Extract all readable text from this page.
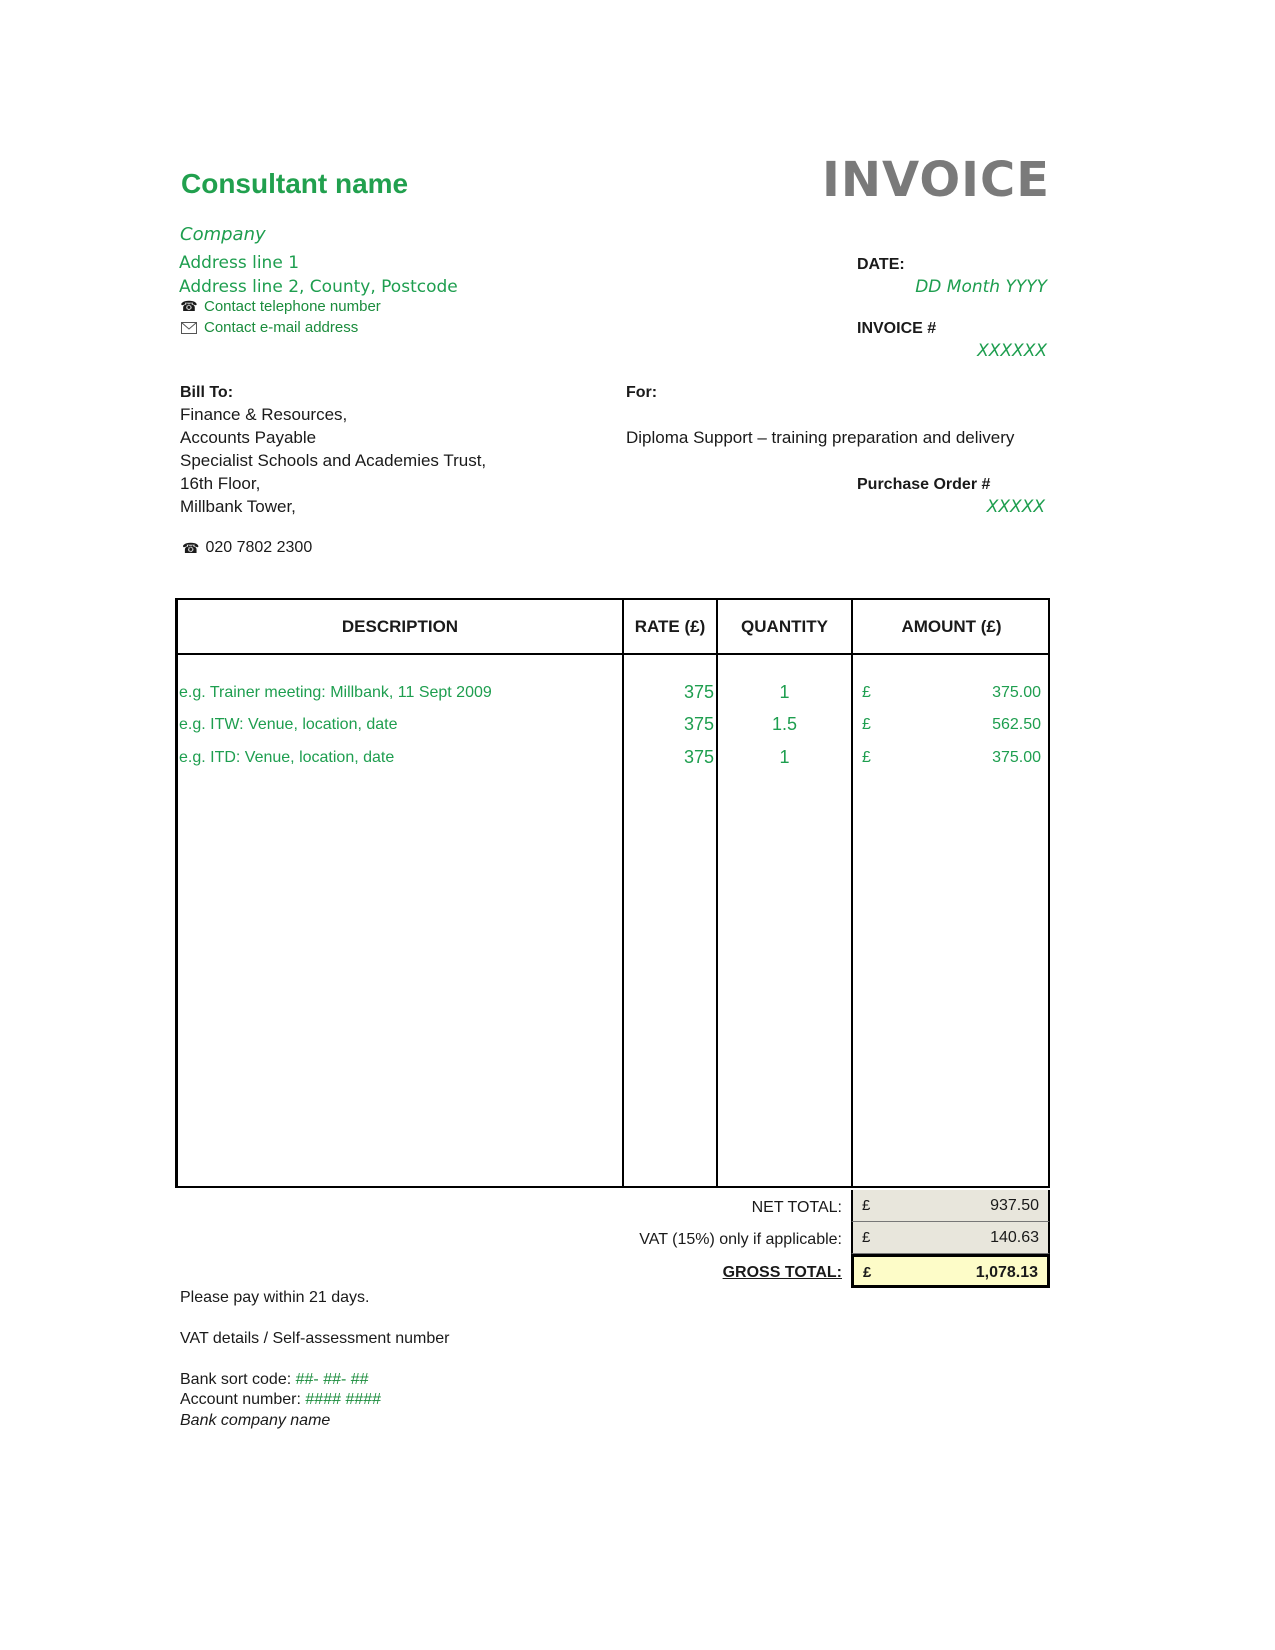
Consultant name	INVOICE
Company
Address line 1
Address line 2, County, Postcode
☎ Contact telephone number
Contact e-mail address
DATE:
DD Month YYYY
INVOICE #
XXXXXX
Bill To:
Finance & Resources,
Accounts Payable
Specialist Schools and Academies Trust,
16th Floor,
Millbank Tower,
☎ 020 7802 2300
For:
Diploma Support – training preparation and delivery
Purchase Order #
XXXXX
DESCRIPTION	RATE (£)	QUANTITY	AMOUNT (£)
e.g. Trainer meeting: Millbank, 11 Sept 2009	375	1	£	375.00
e.g. ITW: Venue, location, date	375	1.5	£	562.50
e.g. ITD: Venue, location, date	375	1	£	375.00
NET TOTAL: £	937.50
VAT (15%) only if applicable: £	140.63
GROSS TOTAL: £	1,078.13
Please pay within 21 days.
VAT details / Self-assessment number
Bank sort code: ##- ##- ##
Account number: #### ####
Bank company name
